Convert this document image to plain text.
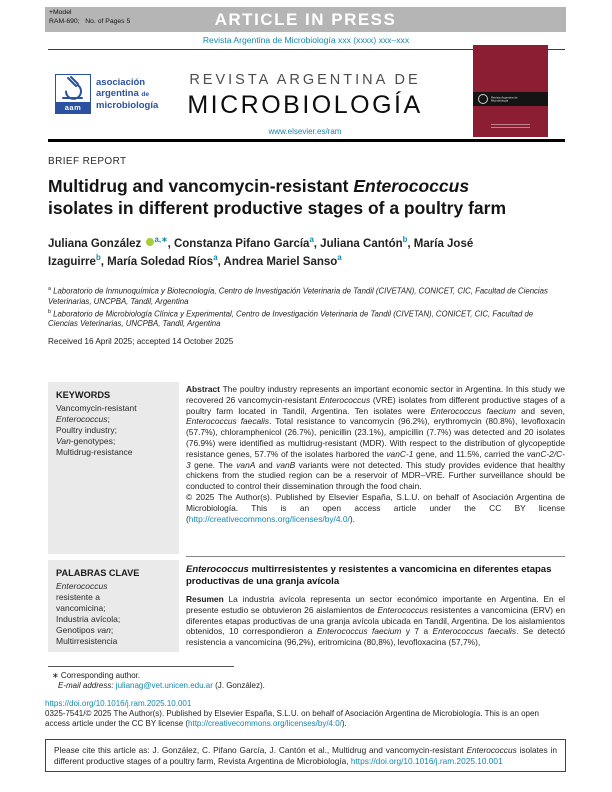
+Model
RAM-690;   No. of Pages 5	ARTICLE IN PRESS
Revista Argentina de Microbiología xxx (xxxx) xxx–xxx
aam
asociación
argentina de
microbiología
REVISTA ARGENTINA DE
MICROBIOLOGÍA
www.elsevier.es/ram
Revista Argentina de
Microbiología
BRIEF REPORT
Multidrug and vancomycin-resistant Enterococcus isolates in different productive stages of a poultry farm
Juliana González $^{a,∗}$, Constanza Pifano García$^a$, Juliana Cantón$^b$, María José Izaguirre$^b$, María Soledad Ríos$^a$, Andrea Mariel Sanso$^a$
$^a$ Laboratorio de Inmunoquímica y Biotecnología, Centro de Investigación Veterinaria de Tandil (CIVETAN), CONICET, CIC, Facultad de Ciencias Veterinarias, UNCPBA, Tandil, Argentina
$^b$ Laboratorio de Microbiología Clínica y Experimental, Centro de Investigación Veterinaria de Tandil (CIVETAN), CONICET, CIC, Facultad de Ciencias Veterinarias, UNCPBA, Tandil, Argentina
Received 16 April 2025; accepted 14 October 2025
KEYWORDS
Vancomycin-resistant
Enterococcus;
Poultry industry;
Van-genotypes;
Multidrug-resistance
Abstract The poultry industry represents an important economic sector in Argentina. In this study we recovered 26 vancomycin-resistant Enterococcus (VRE) isolates from different productive stages of a poultry farm located in Tandil, Argentina. Ten isolates were Enterococcus faecium and seven, Enterococcus faecalis. Total resistance to vancomycin (96.2%), erythromycin (80.8%), levofloxacin (57.7%), chloramphenicol (26.7%), penicillin (23.1%), ampicillin (7.7%) was detected and 20 isolates (76.9%) were identified as multidrug-resistant (MDR). With respect to the distribution of glycopeptide resistance genes, 57.7% of the isolates harbored the vanC-1 gene, and 11.5%, carried the vanC-2/C-3 gene. The vanA and vanB variants were not detected. This study provides evidence that healthy chickens from the studied region can be a reservoir of MDR–VRE. Further surveillance should be conducted to control their dissemination through the food chain.
© 2025 The Author(s). Published by Elsevier España, S.L.U. on behalf of Asociación Argentina de Microbiología. This is an open access article under the CC BY license (http://creativecommons.org/licenses/by/4.0/).
Enterococcus multirresistentes y resistentes a vancomicina en diferentes etapas productivas de una granja avícola
PALABRAS CLAVE
Enterococcus
resistente a
vancomicina;
Industria avícola;
Genotipos van;
Multirresistencia
Resumen La industria avícola representa un sector económico importante en Argentina. En el presente estudio se obtuvieron 26 aislamientos de Enterococcus resistentes a vancomicina (ERV) en diferentes etapas productivas de una granja avícola ubicada en Tandil, Argentina. De los aislamientos obtenidos, 10 correspondieron a Enterococcus faecium y 7 a Enterococcus faecalis. Se detectó resistencia a vancomicina (96,2%), eritromicina (80,8%), levofloxacina (57,7%),
∗ Corresponding author.
E-mail address: julianag@vet.unicen.edu.ar (J. González).
https://doi.org/10.1016/j.ram.2025.10.001
0325-7541/© 2025 The Author(s). Published by Elsevier España, S.L.U. on behalf of Asociación Argentina de Microbiología. This is an open access article under the CC BY license (http://creativecommons.org/licenses/by/4.0/).
Please cite this article as: J. González, C. Pifano García, J. Cantón et al., Multidrug and vancomycin-resistant Enterococcus isolates in different productive stages of a poultry farm, Revista Argentina de Microbiología, https://doi.org/10.1016/j.ram.2025.10.001
